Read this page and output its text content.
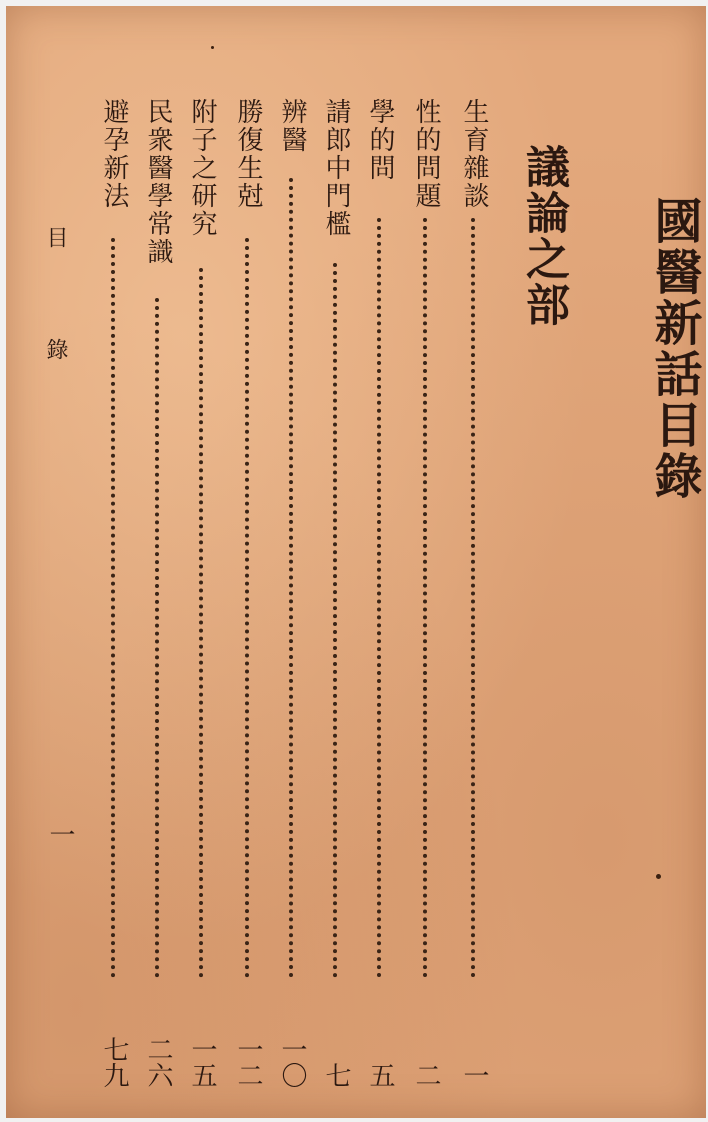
國醫新話目錄
議論之部
生育雜談
一
性的問題
二
學的問
五
請郎中門檻
七
辨醫
一〇
勝復生尅
一二
附子之研究
一五
民衆醫學常識
二六
避孕新法
七九
目錄
一
